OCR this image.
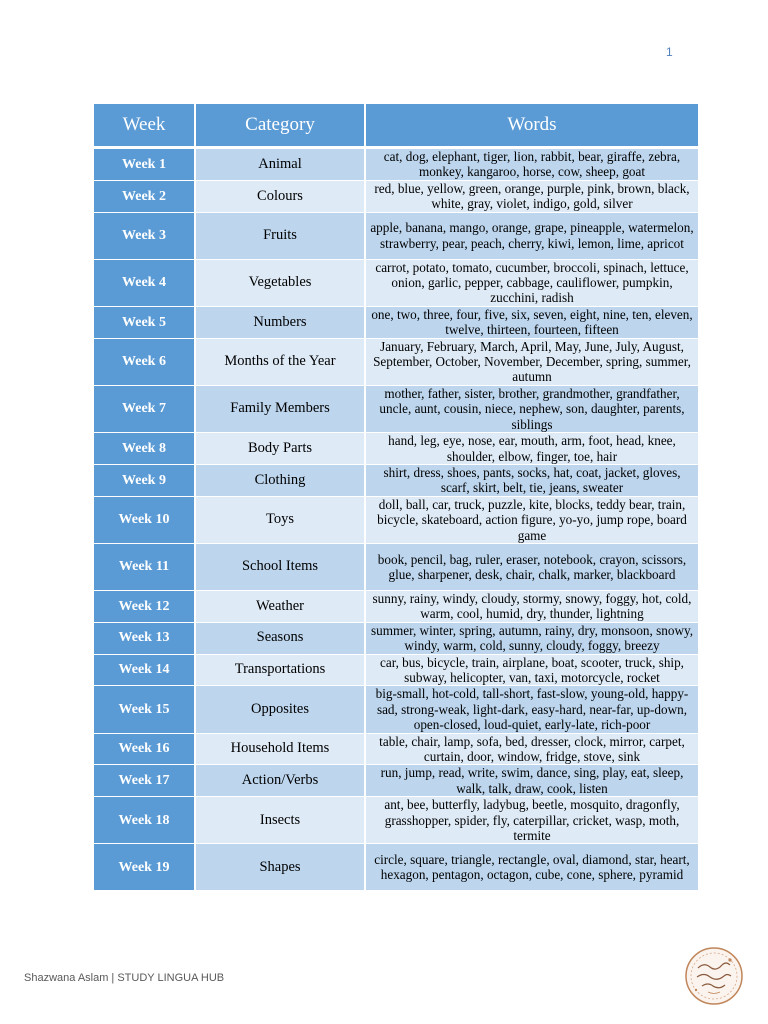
1
Week	Category	Words
Week 1	Animal	cat, dog, elephant, tiger, lion, rabbit, bear, giraffe, zebra, monkey, kangaroo, horse, cow, sheep, goat
Week 2	Colours	red, blue, yellow, green, orange, purple, pink, brown, black, white, gray, violet, indigo, gold, silver
Week 3	Fruits	apple, banana, mango, orange, grape, pineapple, watermelon, strawberry, pear, peach, cherry, kiwi, lemon, lime, apricot
Week 4	Vegetables	carrot, potato, tomato, cucumber, broccoli, spinach, lettuce, onion, garlic, pepper, cabbage, cauliflower, pumpkin, zucchini, radish
Week 5	Numbers	one, two, three, four, five, six, seven, eight, nine, ten, eleven, twelve, thirteen, fourteen, fifteen
Week 6	Months of the Year	January, February, March, April, May, June, July, August, September, October, November, December, spring, summer, autumn
Week 7	Family Members	mother, father, sister, brother, grandmother, grandfather, uncle, aunt, cousin, niece, nephew, son, daughter, parents, siblings
Week 8	Body Parts	hand, leg, eye, nose, ear, mouth, arm, foot, head, knee, shoulder, elbow, finger, toe, hair
Week 9	Clothing	shirt, dress, shoes, pants, socks, hat, coat, jacket, gloves, scarf, skirt, belt, tie, jeans, sweater
Week 10	Toys	doll, ball, car, truck, puzzle, kite, blocks, teddy bear, train, bicycle, skateboard, action figure, yo-yo, jump rope, board game
Week 11	School Items	book, pencil, bag, ruler, eraser, notebook, crayon, scissors, glue, sharpener, desk, chair, chalk, marker, blackboard
Week 12	Weather	sunny, rainy, windy, cloudy, stormy, snowy, foggy, hot, cold, warm, cool, humid, dry, thunder, lightning
Week 13	Seasons	summer, winter, spring, autumn, rainy, dry, monsoon, snowy, windy, warm, cold, sunny, cloudy, foggy, breezy
Week 14	Transportations	car, bus, bicycle, train, airplane, boat, scooter, truck, ship, subway, helicopter, van, taxi, motorcycle, rocket
Week 15	Opposites	big-small, hot-cold, tall-short, fast-slow, young-old, happy-sad, strong-weak, light-dark, easy-hard, near-far, up-down, open-closed, loud-quiet, early-late, rich-poor
Week 16	Household Items	table, chair, lamp, sofa, bed, dresser, clock, mirror, carpet, curtain, door, window, fridge, stove, sink
Week 17	Action/Verbs	run, jump, read, write, swim, dance, sing, play, eat, sleep, walk, talk, draw, cook, listen
Week 18	Insects	ant, bee, butterfly, ladybug, beetle, mosquito, dragonfly, grasshopper, spider, fly, caterpillar, cricket, wasp, moth, termite
Week 19	Shapes	circle, square, triangle, rectangle, oval, diamond, star, heart, hexagon, pentagon, octagon, cube, cone, sphere, pyramid
Shazwana Aslam | STUDY LINGUA HUB
